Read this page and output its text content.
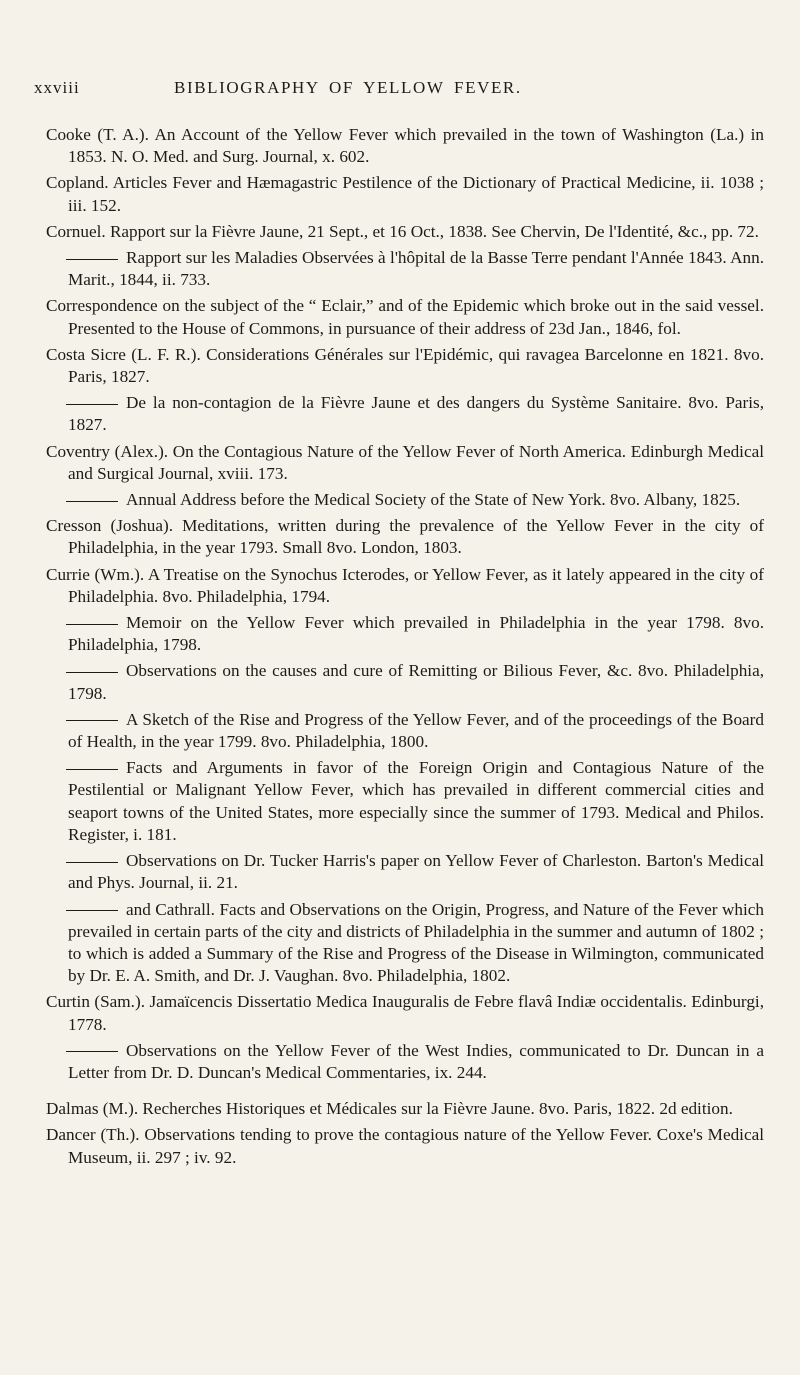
xxviii	BIBLIOGRAPHY OF YELLOW FEVER.

Cooke (T. A.). An Account of the Yellow Fever which prevailed in the town of Washington (La.) in 1853. N. O. Med. and Surg. Journal, x. 602.

Copland. Articles Fever and Hæmagastric Pestilence of the Dictionary of Practical Medicine, ii. 1038 ; iii. 152.

Cornuel. Rapport sur la Fièvre Jaune, 21 Sept., et 16 Oct., 1838. See Chervin, De l'Identité, &c., pp. 72.

Rapport sur les Maladies Observées à l'hôpital de la Basse Terre pendant l'Année 1843. Ann. Marit., 1844, ii. 733.

Correspondence on the subject of the “ Eclair,” and of the Epidemic which broke out in the said vessel. Presented to the House of Commons, in pursuance of their address of 23d Jan., 1846, fol.

Costa Sicre (L. F. R.). Considerations Générales sur l'Epidémic, qui ravagea Barcelonne en 1821. 8vo. Paris, 1827.

De la non-contagion de la Fièvre Jaune et des dangers du Système Sanitaire. 8vo. Paris, 1827.

Coventry (Alex.). On the Contagious Nature of the Yellow Fever of North America. Edinburgh Medical and Surgical Journal, xviii. 173.

Annual Address before the Medical Society of the State of New York. 8vo. Albany, 1825.

Cresson (Joshua). Meditations, written during the prevalence of the Yellow Fever in the city of Philadelphia, in the year 1793. Small 8vo. London, 1803.

Currie (Wm.). A Treatise on the Synochus Icterodes, or Yellow Fever, as it lately appeared in the city of Philadelphia. 8vo. Philadelphia, 1794.

Memoir on the Yellow Fever which prevailed in Philadelphia in the year 1798. 8vo. Philadelphia, 1798.

Observations on the causes and cure of Remitting or Bilious Fever, &c. 8vo. Philadelphia, 1798.

A Sketch of the Rise and Progress of the Yellow Fever, and of the proceedings of the Board of Health, in the year 1799. 8vo. Philadelphia, 1800.

Facts and Arguments in favor of the Foreign Origin and Contagious Nature of the Pestilential or Malignant Yellow Fever, which has prevailed in different commercial cities and seaport towns of the United States, more especially since the summer of 1793. Medical and Philos. Register, i. 181.

Observations on Dr. Tucker Harris's paper on Yellow Fever of Charleston. Barton's Medical and Phys. Journal, ii. 21.

and Cathrall. Facts and Observations on the Origin, Progress, and Nature of the Fever which prevailed in certain parts of the city and districts of Philadelphia in the summer and autumn of 1802 ; to which is added a Summary of the Rise and Progress of the Disease in Wilmington, communicated by Dr. E. A. Smith, and Dr. J. Vaughan. 8vo. Philadelphia, 1802.

Curtin (Sam.). Jamaïcencis Dissertatio Medica Inauguralis de Febre flavâ Indiæ occidentalis. Edinburgi, 1778.

Observations on the Yellow Fever of the West Indies, communicated to Dr. Duncan in a Letter from Dr. D. Duncan's Medical Commentaries, ix. 244.

Dalmas (M.). Recherches Historiques et Médicales sur la Fièvre Jaune. 8vo. Paris, 1822. 2d edition.

Dancer (Th.). Observations tending to prove the contagious nature of the Yellow Fever. Coxe's Medical Museum, ii. 297 ; iv. 92.
